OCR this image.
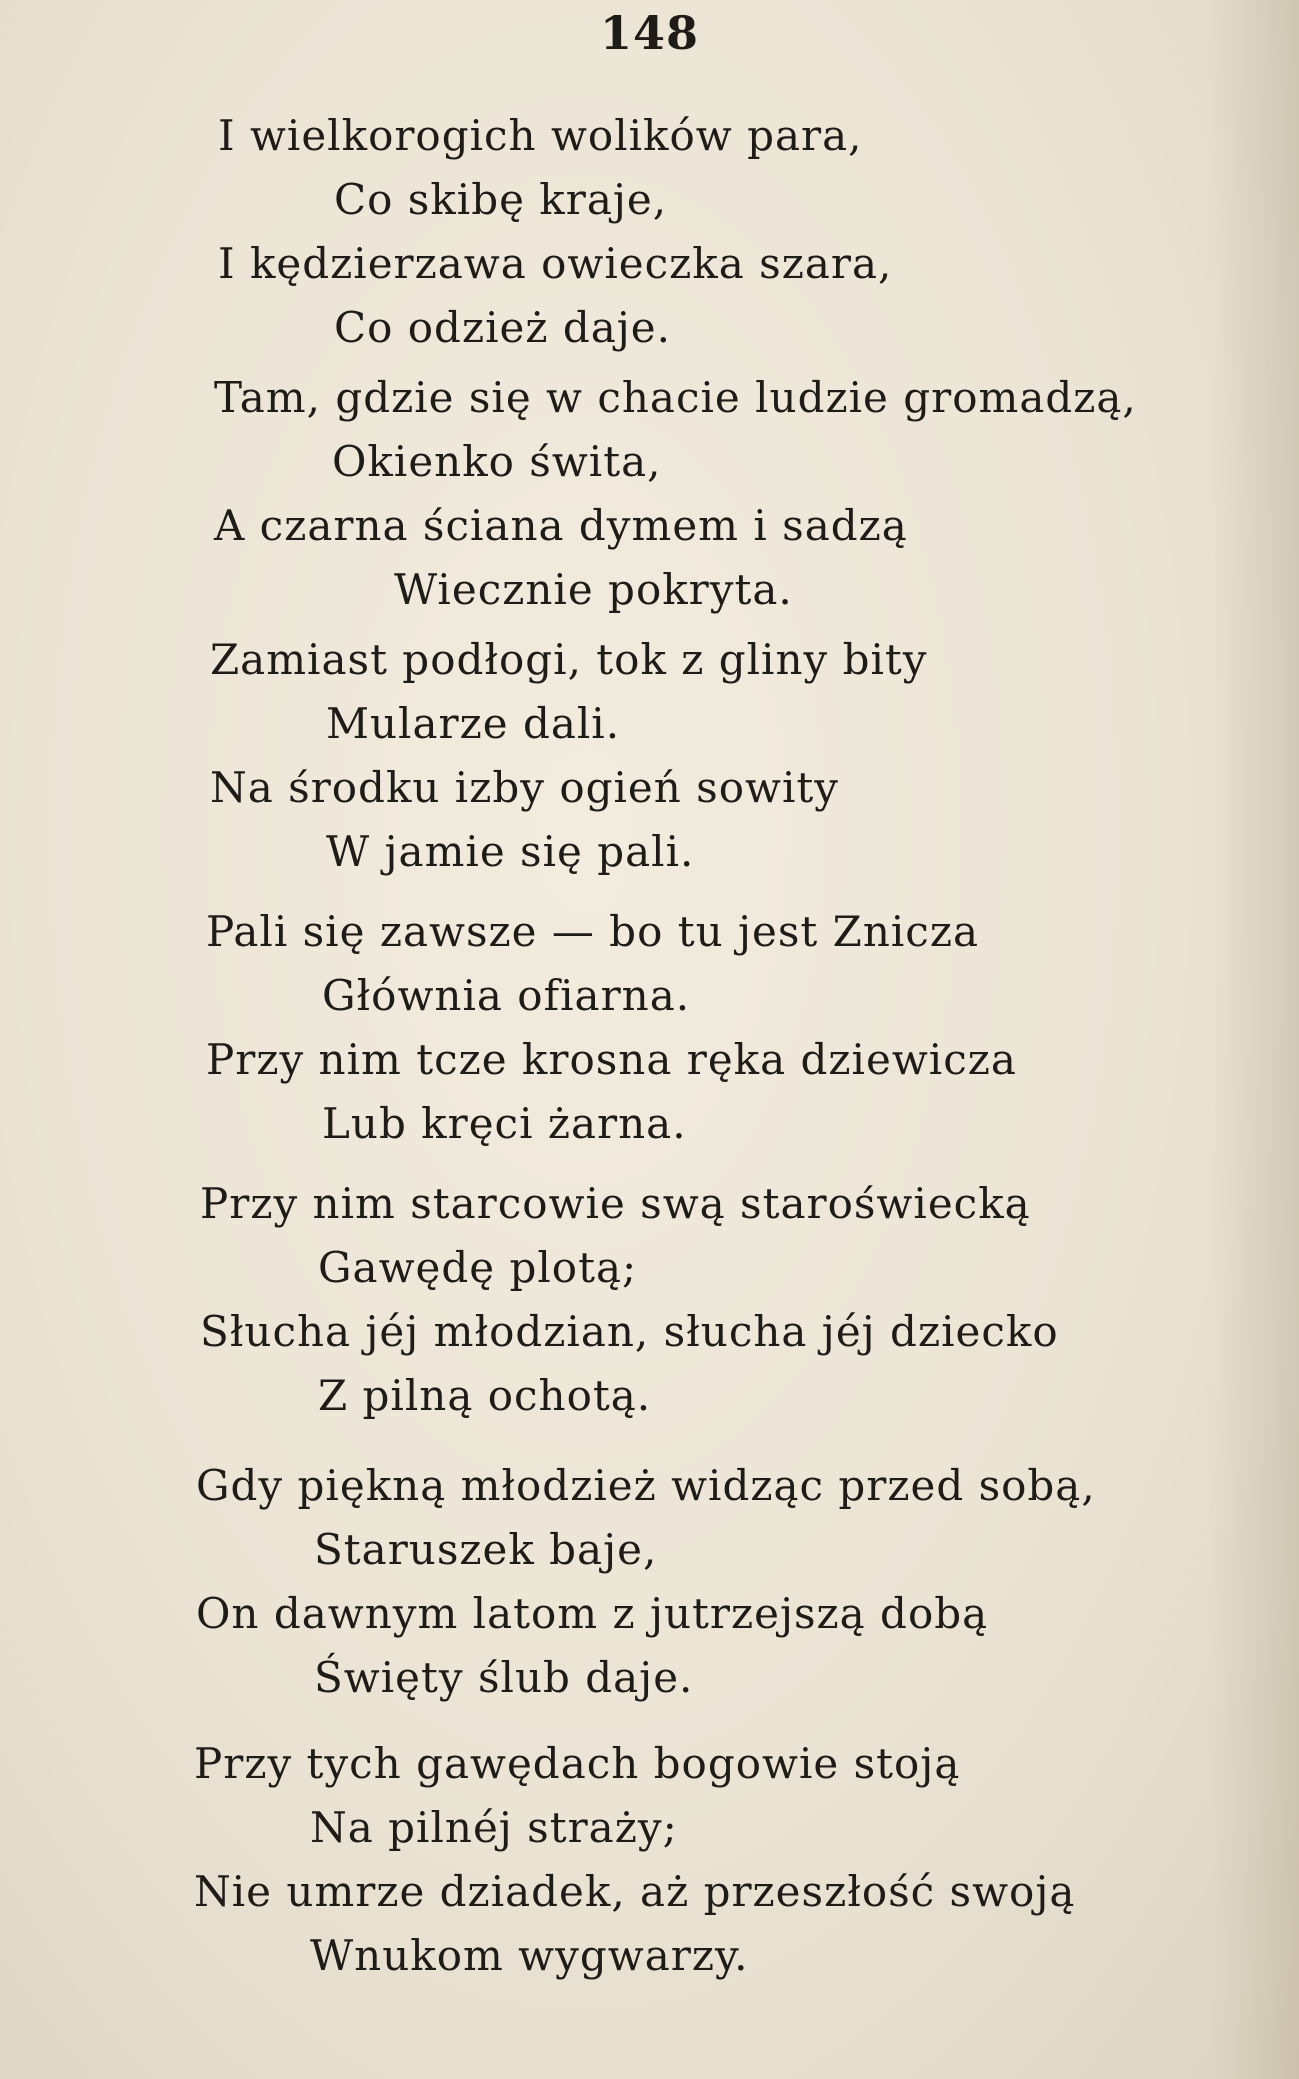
148
I wielkorogich wolików para,
Co skibę kraje,
I kędzierzawa owieczka szara,
Co odzież daje.
Tam, gdzie się w chacie ludzie gromadzą,
Okienko świta,
A czarna ściana dymem i sadzą
Wiecznie pokryta.
Zamiast podłogi, tok z gliny bity
Mularze dali.
Na środku izby ogień sowity
W jamie się pali.
Pali się zawsze — bo tu jest Znicza
Głównia ofiarna.
Przy nim tcze krosna ręka dziewicza
Lub kręci żarna.
Przy nim starcowie swą staroświecką
Gawędę plotą;
Słucha jéj młodzian, słucha jéj dziecko
Z pilną ochotą.
Gdy piękną młodzież widząc przed sobą,
Staruszek baje,
On dawnym latom z jutrzejszą dobą
Święty ślub daje.
Przy tych gawędach bogowie stoją
Na pilnéj straży;
Nie umrze dziadek, aż przeszłość swoją
Wnukom wygwarzy.
